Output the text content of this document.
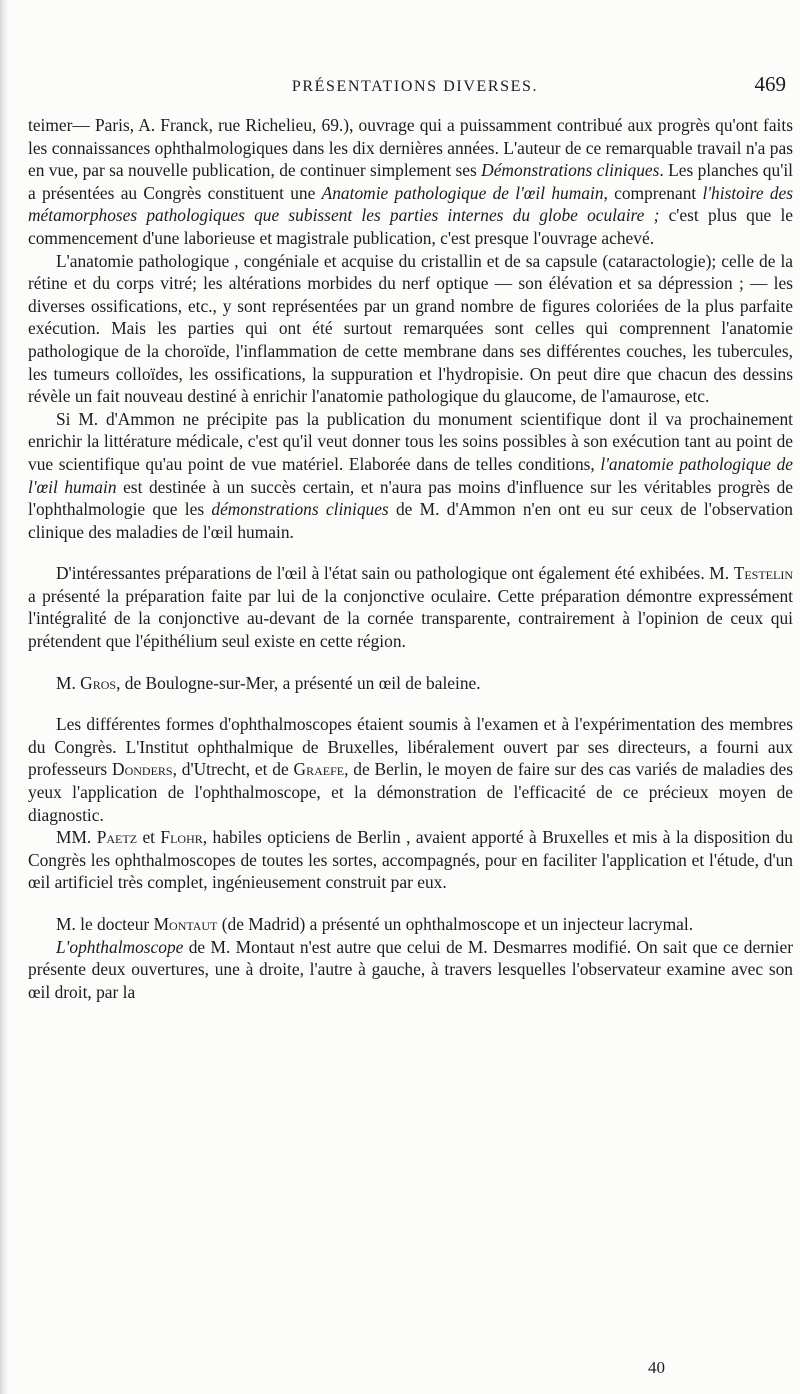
PRÉSENTATIONS DIVERSES.	469

teimer— Paris, A. Franck, rue Richelieu, 69.), ouvrage qui a puissamment contribué aux progrès qu'ont faits les connaissances ophthalmologiques dans les dix dernières années. L'auteur de ce remarquable travail n'a pas en vue, par sa nouvelle publication, de continuer simplement ses Démonstrations cliniques. Les planches qu'il a présentées au Congrès constituent une Anatomie pathologique de l'œil humain, comprenant l'histoire des métamorphoses pathologiques que subissent les parties internes du globe oculaire ; c'est plus que le commencement d'une laborieuse et magistrale publication, c'est presque l'ouvrage achevé.

L'anatomie pathologique , congéniale et acquise du cristallin et de sa capsule (cataractologie); celle de la rétine et du corps vitré; les altérations morbides du nerf optique — son élévation et sa dépression ; — les diverses ossifications, etc., y sont représentées par un grand nombre de figures coloriées de la plus parfaite exécution. Mais les parties qui ont été surtout remarquées sont celles qui comprennent l'anatomie pathologique de la choroïde, l'inflammation de cette membrane dans ses différentes couches, les tubercules, les tumeurs colloïdes, les ossifications, la suppuration et l'hydropisie. On peut dire que chacun des dessins révèle un fait nouveau destiné à enrichir l'anatomie pathologique du glaucome, de l'amaurose, etc.

Si M. d'Ammon ne précipite pas la publication du monument scientifique dont il va prochainement enrichir la littérature médicale, c'est qu'il veut donner tous les soins possibles à son exécution tant au point de vue scientifique qu'au point de vue matériel. Elaborée dans de telles conditions, l'anatomie pathologique de l'œil humain est destinée à un succès certain, et n'aura pas moins d'influence sur les véritables progrès de l'ophthalmologie que les démonstrations cliniques de M. d'Ammon n'en ont eu sur ceux de l'observation clinique des maladies de l'œil humain.

D'intéressantes préparations de l'œil à l'état sain ou pathologique ont également été exhibées. M. Testelin a présenté la préparation faite par lui de la conjonctive oculaire. Cette préparation démontre expressément l'intégralité de la conjonctive au-devant de la cornée transparente, contrairement à l'opinion de ceux qui prétendent que l'épithélium seul existe en cette région.

M. Gros, de Boulogne-sur-Mer, a présenté un œil de baleine.

Les différentes formes d'ophthalmoscopes étaient soumis à l'examen et à l'expérimentation des membres du Congrès. L'Institut ophthalmique de Bruxelles, libéralement ouvert par ses directeurs, a fourni aux professeurs Donders, d'Utrecht, et de Graefe, de Berlin, le moyen de faire sur des cas variés de maladies des yeux l'application de l'ophthalmoscope, et la démonstration de l'efficacité de ce précieux moyen de diagnostic.

MM. Paetz et Flohr, habiles opticiens de Berlin , avaient apporté à Bruxelles et mis à la disposition du Congrès les ophthalmoscopes de toutes les sortes, accompagnés, pour en faciliter l'application et l'étude, d'un œil artificiel très complet, ingénieusement construit par eux.

M. le docteur Montaut (de Madrid) a présenté un ophthalmoscope et un injecteur lacrymal.

L'ophthalmoscope de M. Montaut n'est autre que celui de M. Desmarres modifié. On sait que ce dernier présente deux ouvertures, une à droite, l'autre à gauche, à travers lesquelles l'observateur examine avec son œil droit, par la

40
